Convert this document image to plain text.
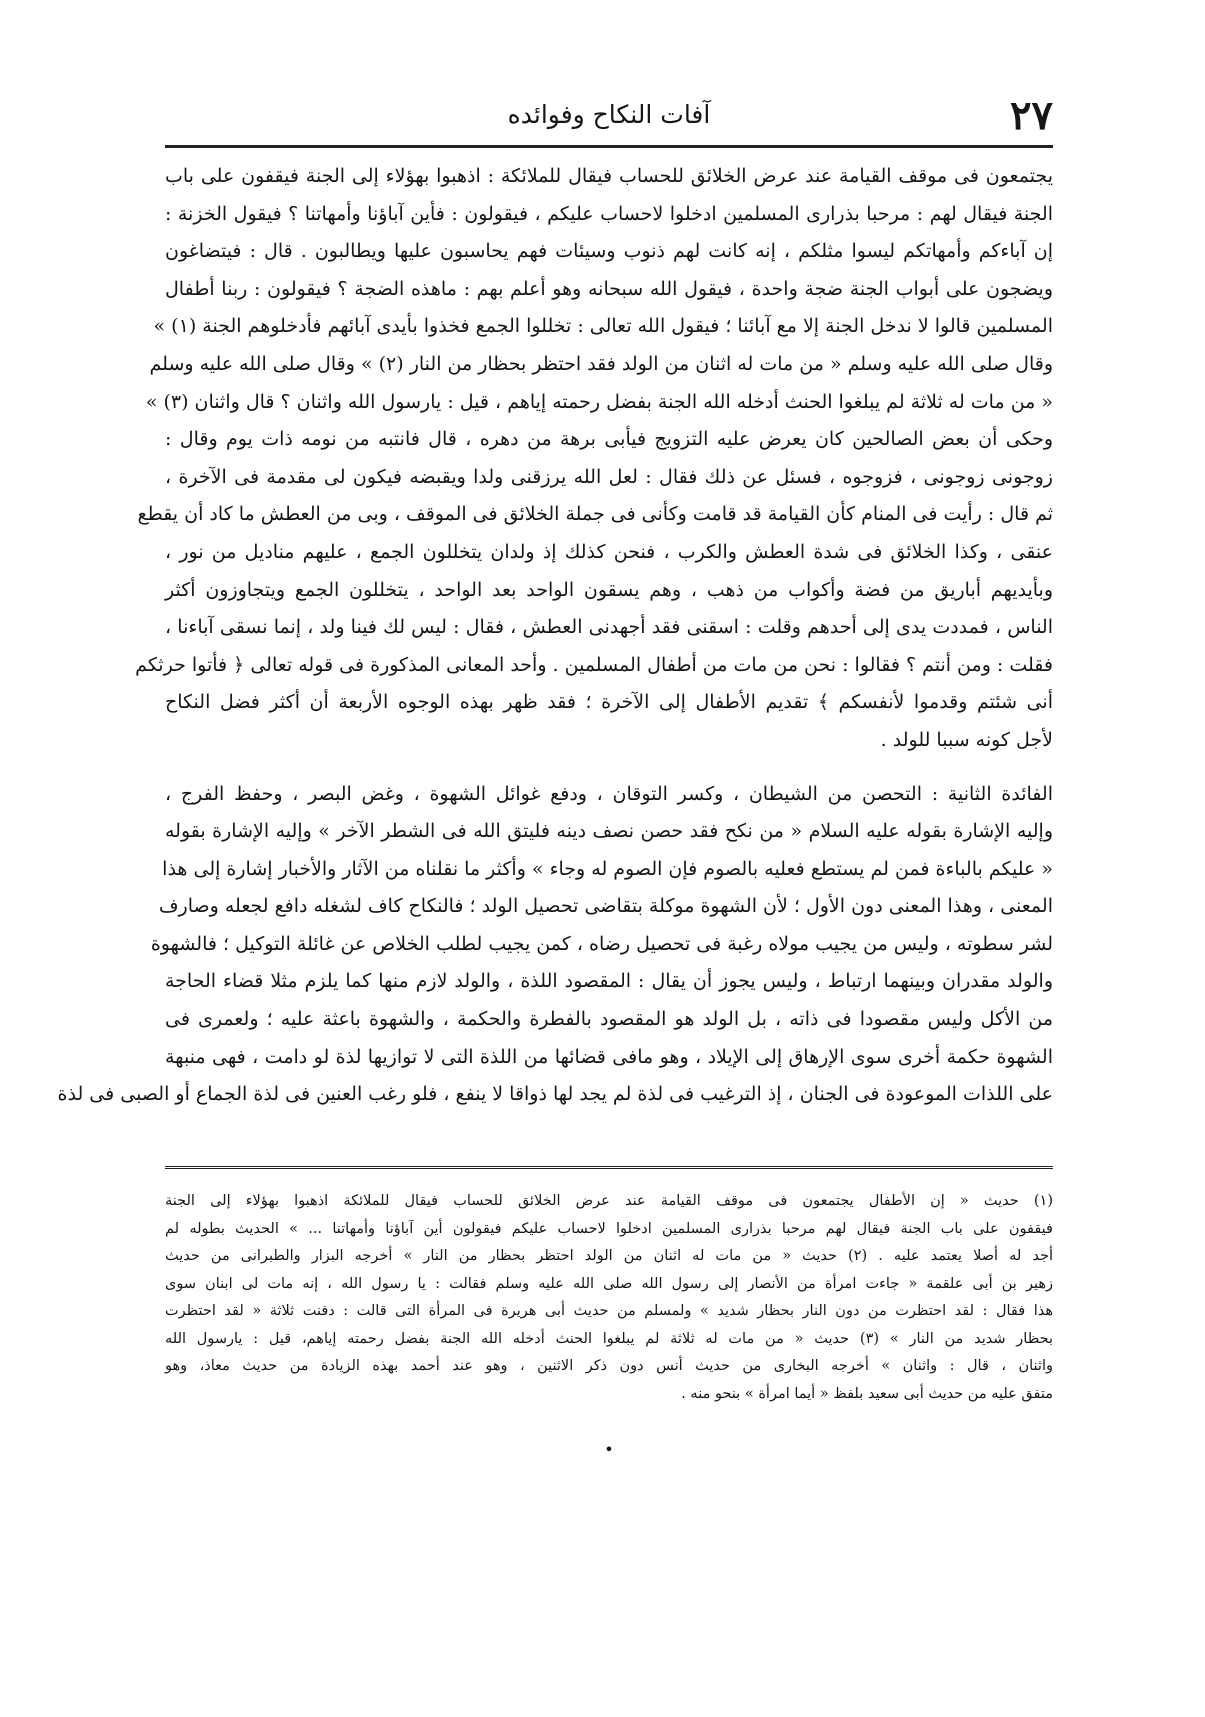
٢٧
آفات النكاح وفوائده
يجتمعون فى موقف القيامة عند عرض الخلائق للحساب فيقال للملائكة : اذهبوا بهؤلاء إلى الجنة فيقفون على باب
الجنة فيقال لهم : مرحبا بذرارى المسلمين ادخلوا لاحساب عليكم ، فيقولون : فأين آباؤنا وأمهاتنا ؟ فيقول الخزنة :
إن آباءكم وأمهاتكم ليسوا مثلكم ، إنه كانت لهم ذنوب وسيئات فهم يحاسبون عليها ويطالبون . قال : فيتضاغون
ويضجون على أبواب الجنة ضجة واحدة ، فيقول الله سبحانه وهو أعلم بهم : ماهذه الضجة ؟ فيقولون : ربنا أطفال
المسلمين قالوا لا ندخل الجنة إلا مع آبائنا ؛ فيقول الله تعالى : تخللوا الجمع فخذوا بأيدى آبائهم فأدخلوهم الجنة (١) »
وقال صلى الله عليه وسلم « من مات له اثنان من الولد فقد احتظر بحظار من النار (٢) » وقال صلى الله عليه وسلم
« من مات له ثلاثة لم يبلغوا الحنث أدخله الله الجنة بفضل رحمته إياهم ، قيل : يارسول الله واثنان ؟ قال واثنان (٣) »
وحكى أن بعض الصالحين كان يعرض عليه التزويج فيأبى برهة من دهره ، قال فانتبه من نومه ذات يوم وقال :
زوجونى زوجونى ، فزوجوه ، فسئل عن ذلك فقال : لعل الله يرزقنى ولدا ويقبضه فيكون لى مقدمة فى الآخرة ،
ثم قال : رأيت فى المنام كأن القيامة قد قامت وكأنى فى جملة الخلائق فى الموقف ، وبى من العطش ما كاد أن يقطع
عنقى ، وكذا الخلائق فى شدة العطش والكرب ، فنحن كذلك إذ ولدان يتخللون الجمع ، عليهم مناديل من نور ،
وبأيديهم أباريق من فضة وأكواب من ذهب ، وهم يسقون الواحد بعد الواحد ، يتخللون الجمع ويتجاوزون أكثر
الناس ، فمددت يدى إلى أحدهم وقلت : اسقنى فقد أجهدنى العطش ، فقال : ليس لك فينا ولد ، إنما نسقى آباءنا ،
فقلت : ومن أنتم ؟ فقالوا : نحن من مات من أطفال المسلمين . وأحد المعانى المذكورة فى قوله تعالى ﴿ فأتوا حرثكم
أنى شئتم وقدموا لأنفسكم ﴾ تقديم الأطفال إلى الآخرة ؛ فقد ظهر بهذه الوجوه الأربعة أن أكثر فضل النكاح
لأجل كونه سببا للولد .
الفائدة الثانية : التحصن من الشيطان ، وكسر التوقان ، ودفع غوائل الشهوة ، وغض البصر ، وحفظ الفرج ،
وإليه الإشارة بقوله عليه السلام « من نكح فقد حصن نصف دينه فليتق الله فى الشطر الآخر » وإليه الإشارة بقوله
« عليكم بالباءة فمن لم يستطع فعليه بالصوم فإن الصوم له وجاء » وأكثر ما نقلناه من الآثار والأخبار إشارة إلى هذا
المعنى ، وهذا المعنى دون الأول ؛ لأن الشهوة موكلة بتقاضى تحصيل الولد ؛ فالنكاح كاف لشغله دافع لجعله وصارف
لشر سطوته ، وليس من يجيب مولاه رغبة فى تحصيل رضاه ، كمن يجيب لطلب الخلاص عن غائلة التوكيل ؛ فالشهوة
والولد مقدران وبينهما ارتباط ، وليس يجوز أن يقال : المقصود اللذة ، والولد لازم منها كما يلزم مثلا قضاء الحاجة
من الأكل وليس مقصودا فى ذاته ، بل الولد هو المقصود بالفطرة والحكمة ، والشهوة باعثة عليه ؛ ولعمرى فى
الشهوة حكمة أخرى سوى الإرهاق إلى الإيلاد ، وهو مافى قضائها من اللذة التى لا توازيها لذة لو دامت ، فهى منبهة
على اللذات الموعودة فى الجنان ، إذ الترغيب فى لذة لم يجد لها ذواقا لا ينفع ، فلو رغب العنين فى لذة الجماع أو الصبى فى لذة
(١) حديث « إن الأطفال يجتمعون فى موقف القيامة عند عرض الخلائق للحساب فيقال للملائكة اذهبوا بهؤلاء إلى الجنة
فيقفون على باب الجنة فيقال لهم مرحبا بذرارى المسلمين ادخلوا لاحساب عليكم فيقولون أين آباؤنا وأمهاتنا ... » الحديث بطوله لم
أجد له أصلا يعتمد عليه . (٢) حديث « من مات له اثنان من الولد احتظر بحظار من النار » أخرجه البزار والطبرانى من حديث
زهير بن أبى علقمة « جاءت امرأة من الأنصار إلى رسول الله صلى الله عليه وسلم فقالت : يا رسول الله ، إنه مات لى ابنان سوى
هذا فقال : لقد احتظرت من دون النار بحظار شديد » ولمسلم من حديث أبى هريرة فى المرأة التى قالت : دفنت ثلاثة « لقد احتظرت
بحظار شديد من النار » (٣) حديث « من مات له ثلاثة لم يبلغوا الحنث أدخله الله الجنة بفضل رحمته إياهم، قيل : يارسول الله
واثنان ، قال : واثنان » أخرجه البخارى من حديث أنس دون ذكر الاثنين ، وهو عند أحمد بهذه الزيادة من حديث معاذ، وهو
متفق عليه من حديث أبى سعيد بلفظ « أيما امرأة » بنحو منه .
•
